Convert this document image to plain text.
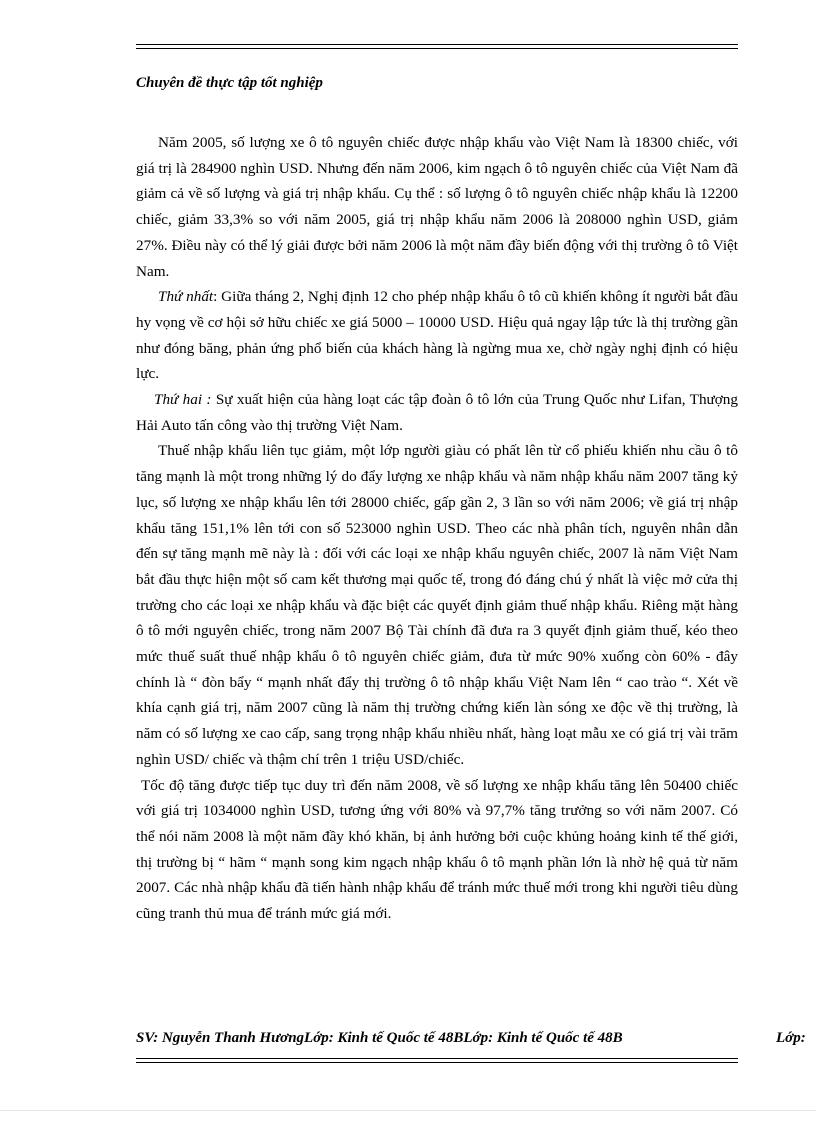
Chuyên đề thực tập tốt nghiệp

Năm 2005, số lượng xe ô tô nguyên chiếc được nhập khẩu vào Việt Nam là 18300 chiếc, với giá trị là 284900 nghìn USD. Nhưng đến năm 2006, kim ngạch ô tô nguyên chiếc của Việt Nam đã giảm cả về số lượng và giá trị nhập khẩu. Cụ thể : số lượng ô tô nguyên chiếc nhập khẩu là 12200 chiếc, giảm 33,3% so với năm 2005, giá trị nhập khẩu năm 2006 là 208000 nghìn USD, giảm 27%. Điều này có thể lý giải được bởi năm 2006 là một năm đầy biến động với thị trường ô tô Việt Nam.

Thứ nhất: Giữa tháng 2, Nghị định 12 cho phép nhập khẩu ô tô cũ khiến không ít người bắt đầu hy vọng về cơ hội sở hữu chiếc xe giá 5000 – 10000 USD. Hiệu quả ngay lập tức là thị trường gần như đóng băng, phản ứng phổ biến của khách hàng là ngừng mua xe, chờ ngày nghị định có hiệu lực.

Thứ hai : Sự xuất hiện của hàng loạt các tập đoàn ô tô lớn của Trung Quốc như Lifan, Thượng Hải Auto tấn công vào thị trường Việt Nam.

Thuế nhập khẩu liên tục giảm, một lớp người giàu có phất lên từ cổ phiếu khiến nhu cầu ô tô tăng mạnh là một trong những lý do đẩy lượng xe nhập khẩu và năm nhập khẩu năm 2007 tăng kỷ lục, số lượng xe nhập khẩu lên tới 28000 chiếc, gấp gần 2, 3 lần so với năm 2006; về giá trị nhập khẩu tăng 151,1% lên tới con số 523000 nghìn USD. Theo các nhà phân tích, nguyên nhân dẫn đến sự tăng mạnh mẽ này là : đối với các loại xe nhập khẩu nguyên chiếc, 2007 là năm Việt Nam bắt đầu thực hiện một số cam kết thương mại quốc tế, trong đó đáng chú ý nhất là việc mở cửa thị trường cho các loại xe nhập khẩu và đặc biệt các quyết định giảm thuế nhập khẩu. Riêng mặt hàng ô tô mới nguyên chiếc, trong năm 2007 Bộ Tài chính đã đưa ra 3 quyết định giảm thuế, kéo theo mức thuế suất thuế nhập khẩu ô tô nguyên chiếc giảm, đưa từ mức 90% xuống còn 60% - đây chính là “ đòn bẩy “ mạnh nhất đẩy thị trường ô tô nhập khẩu Việt Nam lên “ cao trào “. Xét về khía cạnh giá trị, năm 2007 cũng là năm thị trường chứng kiến làn sóng xe độc về thị trường, là năm có số lượng xe cao cấp, sang trọng nhập khẩu nhiều nhất, hàng loạt mẫu xe có giá trị vài trăm nghìn USD/ chiếc và thậm chí trên 1 triệu USD/chiếc.

Tốc độ tăng được tiếp tục duy trì đến năm 2008, về số lượng xe nhập khẩu tăng lên 50400 chiếc với giá trị 1034000 nghìn USD, tương ứng với 80% và 97,7% tăng trưởng so với năm 2007. Có thể nói năm 2008 là một năm đầy khó khăn, bị ảnh hưởng bởi cuộc khủng hoảng kinh tế thế giới, thị trường bị “ hãm “ mạnh song kim ngạch nhập khẩu ô tô mạnh phần lớn là nhờ hệ quả từ năm 2007. Các nhà nhập khẩu đã tiến hành nhập khẩu để tránh mức thuế mới trong khi người tiêu dùng cũng tranh thủ mua để tránh mức giá mới.

SV: Nguyễn Thanh HươngLớp: Kinh tế Quốc tế 48BLớp: Kinh tế Quốc tế 48B	Lớp:
